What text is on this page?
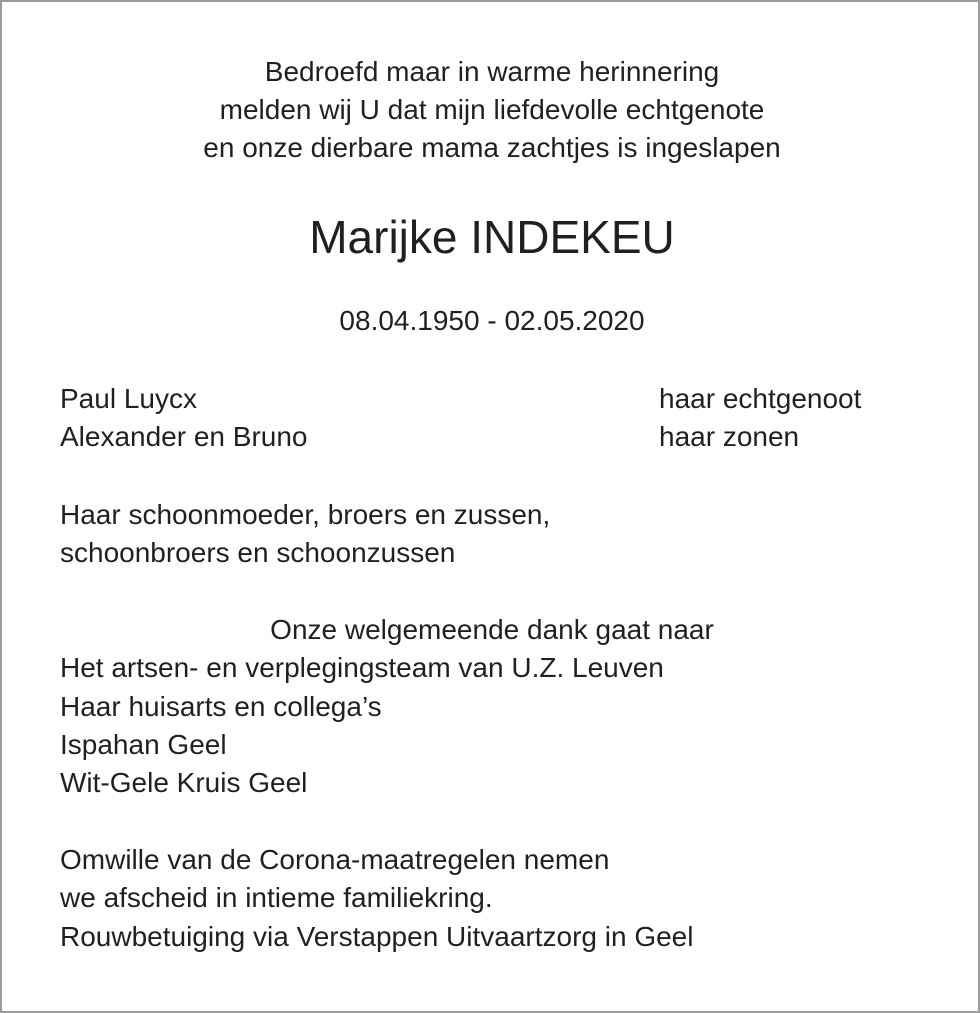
Bedroefd maar in warme herinnering
melden wij U dat mijn liefdevolle echtgenote
en onze dierbare mama zachtjes is ingeslapen
Marijke INDEKEU
08.04.1950 - 02.05.2020
Paul Luycx	haar echtgenoot
Alexander en Bruno	haar zonen
Haar schoonmoeder, broers en zussen,
schoonbroers en schoonzussen
Onze welgemeende dank gaat naar
Het artsen- en verplegingsteam van U.Z. Leuven
Haar huisarts en collega’s
Ispahan Geel
Wit-Gele Kruis Geel
Omwille van de Corona-maatregelen nemen
we afscheid in intieme familiekring.
Rouwbetuiging via Verstappen Uitvaartzorg in Geel
